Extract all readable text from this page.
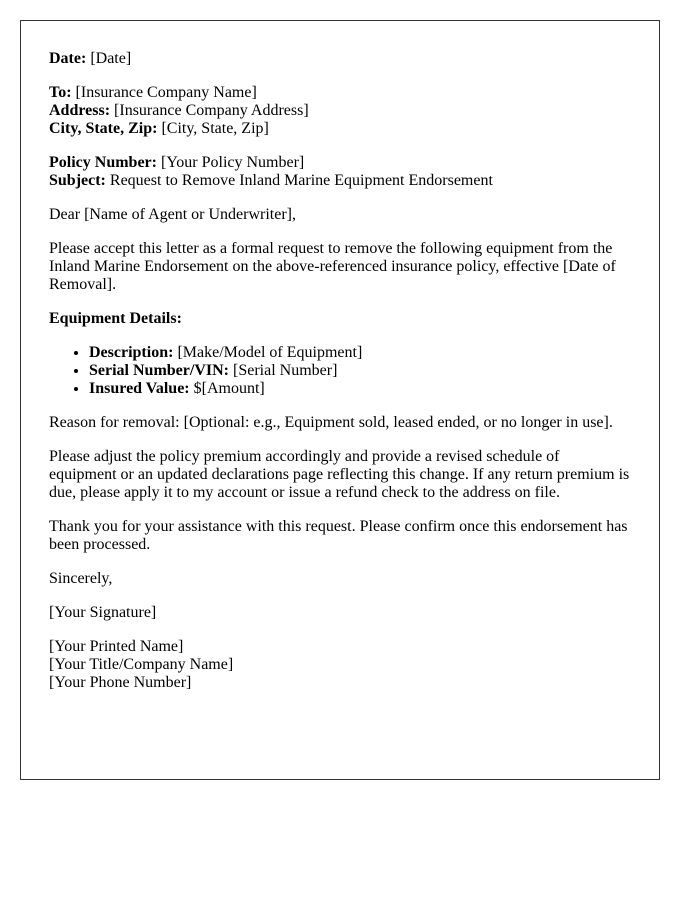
Date: [Date]

To: [Insurance Company Name]
Address: [Insurance Company Address]
City, State, Zip: [City, State, Zip]

Policy Number: [Your Policy Number]
Subject: Request to Remove Inland Marine Equipment Endorsement

Dear [Name of Agent or Underwriter],

Please accept this letter as a formal request to remove the following equipment from the Inland Marine Endorsement on the above-referenced insurance policy, effective [Date of Removal].

Equipment Details:
• Description: [Make/Model of Equipment]
• Serial Number/VIN: [Serial Number]
• Insured Value: $[Amount]

Reason for removal: [Optional: e.g., Equipment sold, leased ended, or no longer in use].

Please adjust the policy premium accordingly and provide a revised schedule of equipment or an updated declarations page reflecting this change. If any return premium is due, please apply it to my account or issue a refund check to the address on file.

Thank you for your assistance with this request. Please confirm once this endorsement has been processed.

Sincerely,

[Your Signature]

[Your Printed Name]
[Your Title/Company Name]
[Your Phone Number]
